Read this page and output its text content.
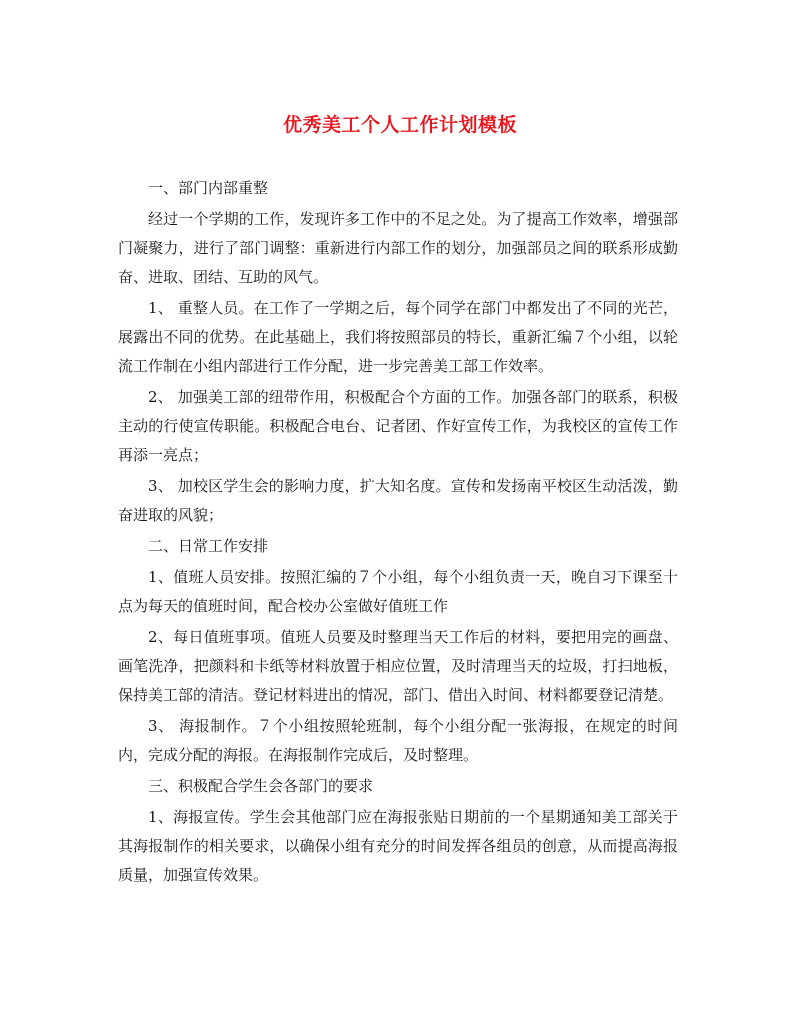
优秀美工个人工作计划模板

一、部门内部重整

经过一个学期的工作，发现许多工作中的不足之处。为了提高工作效率，增强部门凝聚力，进行了部门调整：重新进行内部工作的划分，加强部员之间的联系形成勤奋、进取、团结、互助的风气。

1、 重整人员。在工作了一学期之后，每个同学在部门中都发出了不同的光芒，展露出不同的优势。在此基础上，我们将按照部员的特长，重新汇编７个小组，以轮流工作制在小组内部进行工作分配，进一步完善美工部工作效率。

2、 加强美工部的纽带作用，积极配合个方面的工作。加强各部门的联系，积极主动的行使宣传职能。积极配合电台、记者团、作好宣传工作，为我校区的宣传工作再添一亮点；

3、 加校区学生会的影响力度，扩大知名度。宣传和发扬南平校区生动活泼，勤奋进取的风貌；

二、日常工作安排

1、值班人员安排。按照汇编的７个小组，每个小组负责一天，晚自习下课至十点为每天的值班时间，配合校办公室做好值班工作

2、每日值班事项。值班人员要及时整理当天工作后的材料，要把用完的画盘、画笔洗净，把颜料和卡纸等材料放置于相应位置，及时清理当天的垃圾，打扫地板，保持美工部的清洁。登记材料进出的情况，部门、借出入时间、材料都要登记清楚。

3、 海报制作。７个小组按照轮班制，每个小组分配一张海报，在规定的时间内，完成分配的海报。在海报制作完成后，及时整理。

三、积极配合学生会各部门的要求

1、海报宣传。学生会其他部门应在海报张贴日期前的一个星期通知美工部关于其海报制作的相关要求，以确保小组有充分的时间发挥各组员的创意，从而提高海报质量，加强宣传效果。
